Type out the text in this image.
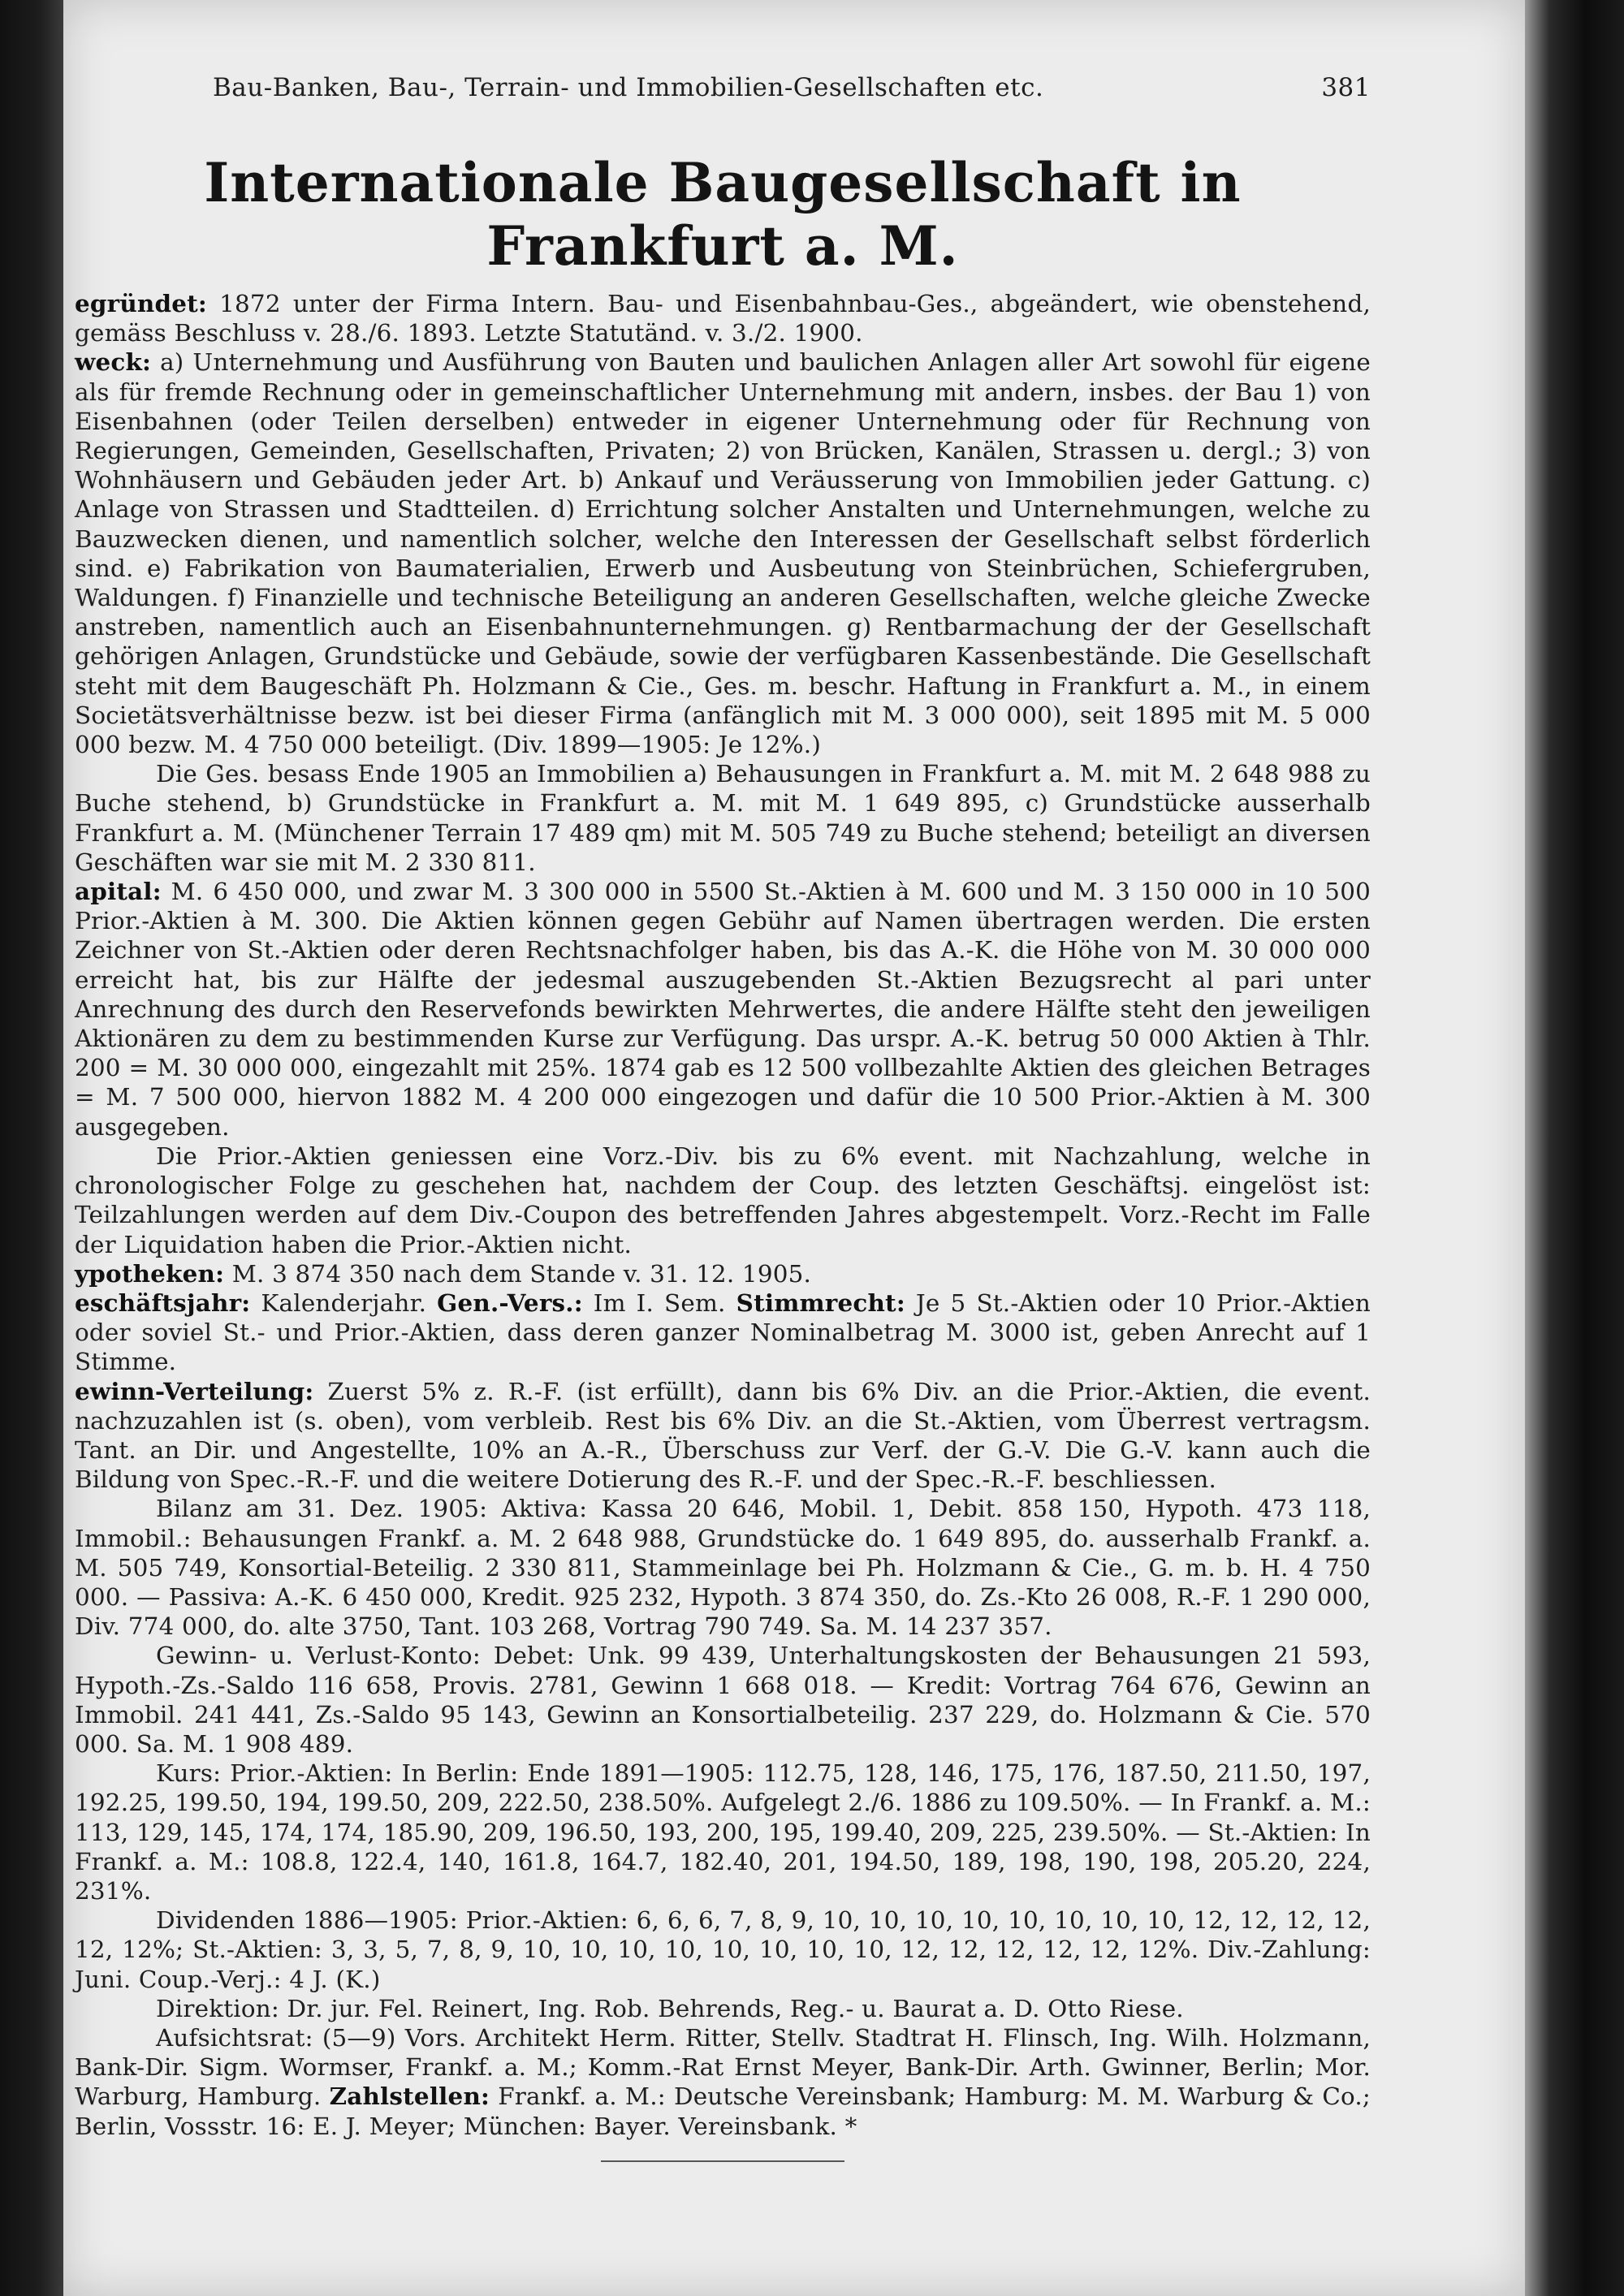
Bau-Banken, Bau-, Terrain- und Immobilien-Gesellschaften etc.	381
Internationale Baugesellschaft in Frankfurt a. M.

egründet: 1872 unter der Firma Intern. Bau- und Eisenbahnbau-Ges., abgeändert, wie obenstehend, gemäss Beschluss v. 28./6. 1893. Letzte Statutänd. v. 3./2. 1900.

weck: a) Unternehmung und Ausführung von Bauten und baulichen Anlagen aller Art sowohl für eigene als für fremde Rechnung oder in gemeinschaftlicher Unternehmung mit andern, insbes. der Bau 1) von Eisenbahnen (oder Teilen derselben) entweder in eigener Unternehmung oder für Rechnung von Regierungen, Gemeinden, Gesellschaften, Privaten; 2) von Brücken, Kanälen, Strassen u. dergl.; 3) von Wohnhäusern und Gebäuden jeder Art. b) Ankauf und Veräusserung von Immobilien jeder Gattung. c) Anlage von Strassen und Stadtteilen. d) Errichtung solcher Anstalten und Unternehmungen, welche zu Bauzwecken dienen, und namentlich solcher, welche den Interessen der Gesellschaft selbst förderlich sind. e) Fabrikation von Baumaterialien, Erwerb und Ausbeutung von Steinbrüchen, Schiefergruben, Waldungen. f) Finanzielle und technische Beteiligung an anderen Gesellschaften, welche gleiche Zwecke anstreben, namentlich auch an Eisenbahnunternehmungen. g) Rentbarmachung der der Gesellschaft gehörigen Anlagen, Grundstücke und Gebäude, sowie der verfügbaren Kassenbestände. Die Gesellschaft steht mit dem Baugeschäft Ph. Holzmann & Cie., Ges. m. beschr. Haftung in Frankfurt a. M., in einem Societätsverhältnisse bezw. ist bei dieser Firma (anfänglich mit M. 3 000 000), seit 1895 mit M. 5 000 000 bezw. M. 4 750 000 beteiligt. (Div. 1899—1905: Je 12%.)

Die Ges. besass Ende 1905 an Immobilien a) Behausungen in Frankfurt a. M. mit M. 2 648 988 zu Buche stehend, b) Grundstücke in Frankfurt a. M. mit M. 1 649 895, c) Grundstücke ausserhalb Frankfurt a. M. (Münchener Terrain 17 489 qm) mit M. 505 749 zu Buche stehend; beteiligt an diversen Geschäften war sie mit M. 2 330 811.

apital: M. 6 450 000, und zwar M. 3 300 000 in 5500 St.-Aktien à M. 600 und M. 3 150 000 in 10 500 Prior.-Aktien à M. 300. Die Aktien können gegen Gebühr auf Namen übertragen werden. Die ersten Zeichner von St.-Aktien oder deren Rechtsnachfolger haben, bis das A.-K. die Höhe von M. 30 000 000 erreicht hat, bis zur Hälfte der jedesmal auszugebenden St.-Aktien Bezugsrecht al pari unter Anrechnung des durch den Reservefonds bewirkten Mehrwertes, die andere Hälfte steht den jeweiligen Aktionären zu dem zu bestimmenden Kurse zur Verfügung. Das urspr. A.-K. betrug 50 000 Aktien à Thlr. 200 = M. 30 000 000, eingezahlt mit 25%. 1874 gab es 12 500 vollbezahlte Aktien des gleichen Betrages = M. 7 500 000, hiervon 1882 M. 4 200 000 eingezogen und dafür die 10 500 Prior.-Aktien à M. 300 ausgegeben.

Die Prior.-Aktien geniessen eine Vorz.-Div. bis zu 6% event. mit Nachzahlung, welche in chronologischer Folge zu geschehen hat, nachdem der Coup. des letzten Geschäftsj. eingelöst ist: Teilzahlungen werden auf dem Div.-Coupon des betreffenden Jahres abgestempelt. Vorz.-Recht im Falle der Liquidation haben die Prior.-Aktien nicht.

ypotheken: M. 3 874 350 nach dem Stande v. 31. 12. 1905.

eschäftsjahr: Kalenderjahr. Gen.-Vers.: Im I. Sem. Stimmrecht: Je 5 St.-Aktien oder 10 Prior.-Aktien oder soviel St.- und Prior.-Aktien, dass deren ganzer Nominalbetrag M. 3000 ist, geben Anrecht auf 1 Stimme.

ewinn-Verteilung: Zuerst 5% z. R.-F. (ist erfüllt), dann bis 6% Div. an die Prior.-Aktien, die event. nachzuzahlen ist (s. oben), vom verbleib. Rest bis 6% Div. an die St.-Aktien, vom Überrest vertragsm. Tant. an Dir. und Angestellte, 10% an A.-R., Überschuss zur Verf. der G.-V. Die G.-V. kann auch die Bildung von Spec.-R.-F. und die weitere Dotierung des R.-F. und der Spec.-R.-F. beschliessen.

Bilanz am 31. Dez. 1905: Aktiva: Kassa 20 646, Mobil. 1, Debit. 858 150, Hypoth. 473 118, Immobil.: Behausungen Frankf. a. M. 2 648 988, Grundstücke do. 1 649 895, do. ausserhalb Frankf. a. M. 505 749, Konsortial-Beteilig. 2 330 811, Stammeinlage bei Ph. Holzmann & Cie., G. m. b. H. 4 750 000. — Passiva: A.-K. 6 450 000, Kredit. 925 232, Hypoth. 3 874 350, do. Zs.-Kto 26 008, R.-F. 1 290 000, Div. 774 000, do. alte 3750, Tant. 103 268, Vortrag 790 749. Sa. M. 14 237 357.

Gewinn- u. Verlust-Konto: Debet: Unk. 99 439, Unterhaltungskosten der Behausungen 21 593, Hypoth.-Zs.-Saldo 116 658, Provis. 2781, Gewinn 1 668 018. — Kredit: Vortrag 764 676, Gewinn an Immobil. 241 441, Zs.-Saldo 95 143, Gewinn an Konsortialbeteilig. 237 229, do. Holzmann & Cie. 570 000. Sa. M. 1 908 489.

Kurs: Prior.-Aktien: In Berlin: Ende 1891—1905: 112.75, 128, 146, 175, 176, 187.50, 211.50, 197, 192.25, 199.50, 194, 199.50, 209, 222.50, 238.50%. Aufgelegt 2./6. 1886 zu 109.50%. — In Frankf. a. M.: 113, 129, 145, 174, 174, 185.90, 209, 196.50, 193, 200, 195, 199.40, 209, 225, 239.50%. — St.-Aktien: In Frankf. a. M.: 108.8, 122.4, 140, 161.8, 164.7, 182.40, 201, 194.50, 189, 198, 190, 198, 205.20, 224, 231%.

Dividenden 1886—1905: Prior.-Aktien: 6, 6, 6, 7, 8, 9, 10, 10, 10, 10, 10, 10, 10, 10, 12, 12, 12, 12, 12, 12%; St.-Aktien: 3, 3, 5, 7, 8, 9, 10, 10, 10, 10, 10, 10, 10, 10, 12, 12, 12, 12, 12, 12%. Div.-Zahlung: Juni. Coup.-Verj.: 4 J. (K.)

Direktion: Dr. jur. Fel. Reinert, Ing. Rob. Behrends, Reg.- u. Baurat a. D. Otto Riese.

Aufsichtsrat: (5—9) Vors. Architekt Herm. Ritter, Stellv. Stadtrat H. Flinsch, Ing. Wilh. Holzmann, Bank-Dir. Sigm. Wormser, Frankf. a. M.; Komm.-Rat Ernst Meyer, Bank-Dir. Arth. Gwinner, Berlin; Mor. Warburg, Hamburg. Zahlstellen: Frankf. a. M.: Deutsche Vereinsbank; Hamburg: M. M. Warburg & Co.; Berlin, Vossstr. 16: E. J. Meyer; München: Bayer. Vereinsbank. *
